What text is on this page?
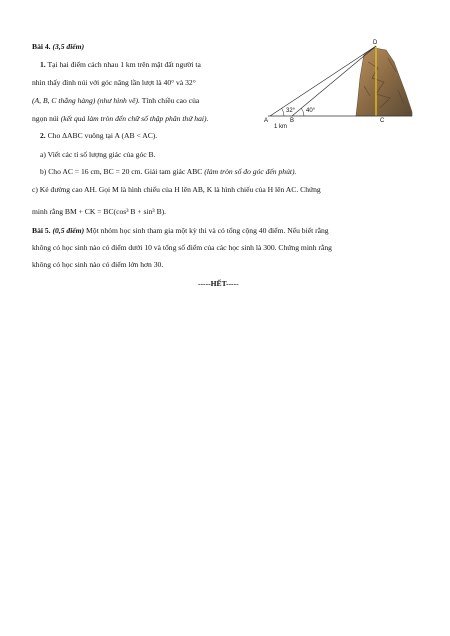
Bài 4. (3,5 điểm)
1. Tại hai điểm cách nhau 1 km trên mặt đất người ta
nhìn thấy đỉnh núi với góc nâng lần lượt là 40° và 32°
(A, B, C thẳng hàng) (như hình vẽ). Tính chiều cao của
ngọn núi (kết quả làm tròn đến chữ số thập phân thứ hai).
2. Cho ΔABC vuông tại A (AB < AC).
a) Viết các tỉ số lượng giác của góc B.
b) Cho AC = 16 cm, BC = 20 cm. Giải tam giác ABC (làm tròn số đo góc đến phút).
c) Kẻ đường cao AH. Gọi M là hình chiếu của H lên AB, K là hình chiếu của H lên AC. Chứng
minh rằng BM + CK = BC(cos³ B + sin³ B).
Bài 5. (0,5 điểm) Một nhóm học sinh tham gia một kỳ thi và có tổng cộng 40 điểm. Nếu biết rằng
không có học sinh nào có điểm dưới 10 và tổng số điểm của các học sinh là 300. Chứng minh rằng
không có học sinh nào có điểm lớn hơn 30.
-----HẾT-----
D
A	B	C
32° 40°
1 km
